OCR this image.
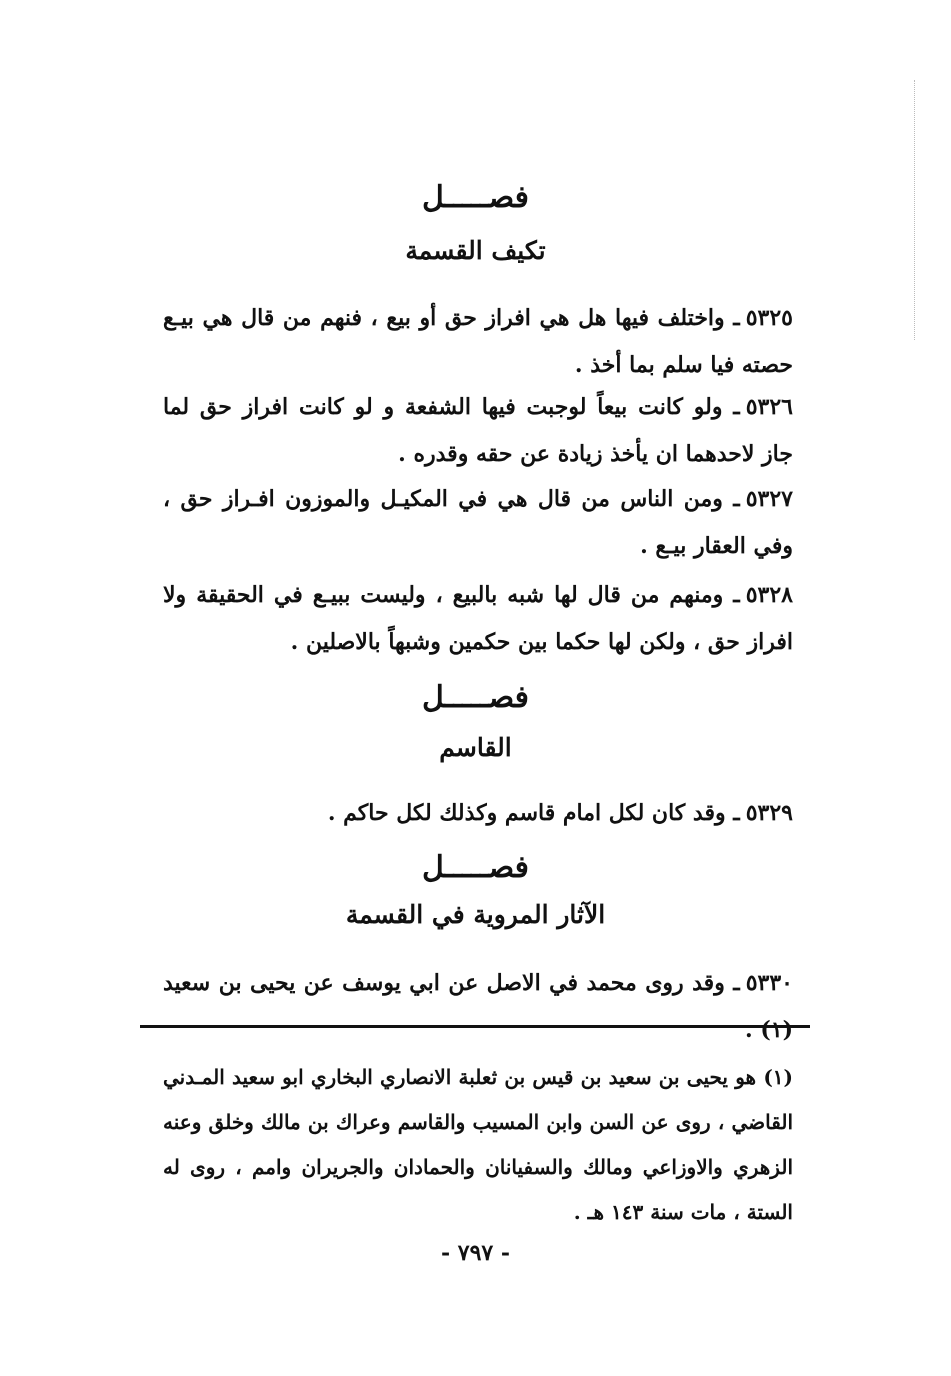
فصـــــل
تكيف القسمة
٥٣٢٥ـ واختلف فيها هل هي افراز حق أو بيع ، فنهم من قال هي بيـع حصته فيا سلم بما أخذ .
٥٣٢٦ـ ولو كانت بيعاً لوجبت فيها الشفعة و لو كانت افراز حق لما جاز لاحدهما ان يأخذ زيادة عن حقه وقدره .
٥٣٢٧ـ ومن الناس من قال هي في المكيـل والموزون افـراز حق ، وفي العقار بيـع .
٥٣٢٨ـ ومنهم من قال لها شبه بالبيع ، وليست ببيـع في الحقيقة ولا افراز حق ، ولكن لها حكما بين حكمين وشبهاً بالاصلين .
فصـــــل
القاسم
٥٣٢٩ـ وقد كان لكل امام قاسم وكذلك لكل حاكم .
فصـــــل
الآثار المروية في القسمة
٥٣٣٠ـ وقد روى محمد في الاصل عن ابي يوسف عن يحيى بن سعيد (١) .
(١) هو يحيى بن سعيد بن قيس بن ثعلبة الانصاري البخاري ابو سعيد المـدني القاضي ، روى عن السن وابن المسيب والقاسم وعراك بن مالك وخلق وعنه الزهري والاوزاعي ومالك والسفيانان والحمادان والجريران وامم ، روى له الستة ، مات سنة ١٤٣ هـ .
- ٧٩٧ -
